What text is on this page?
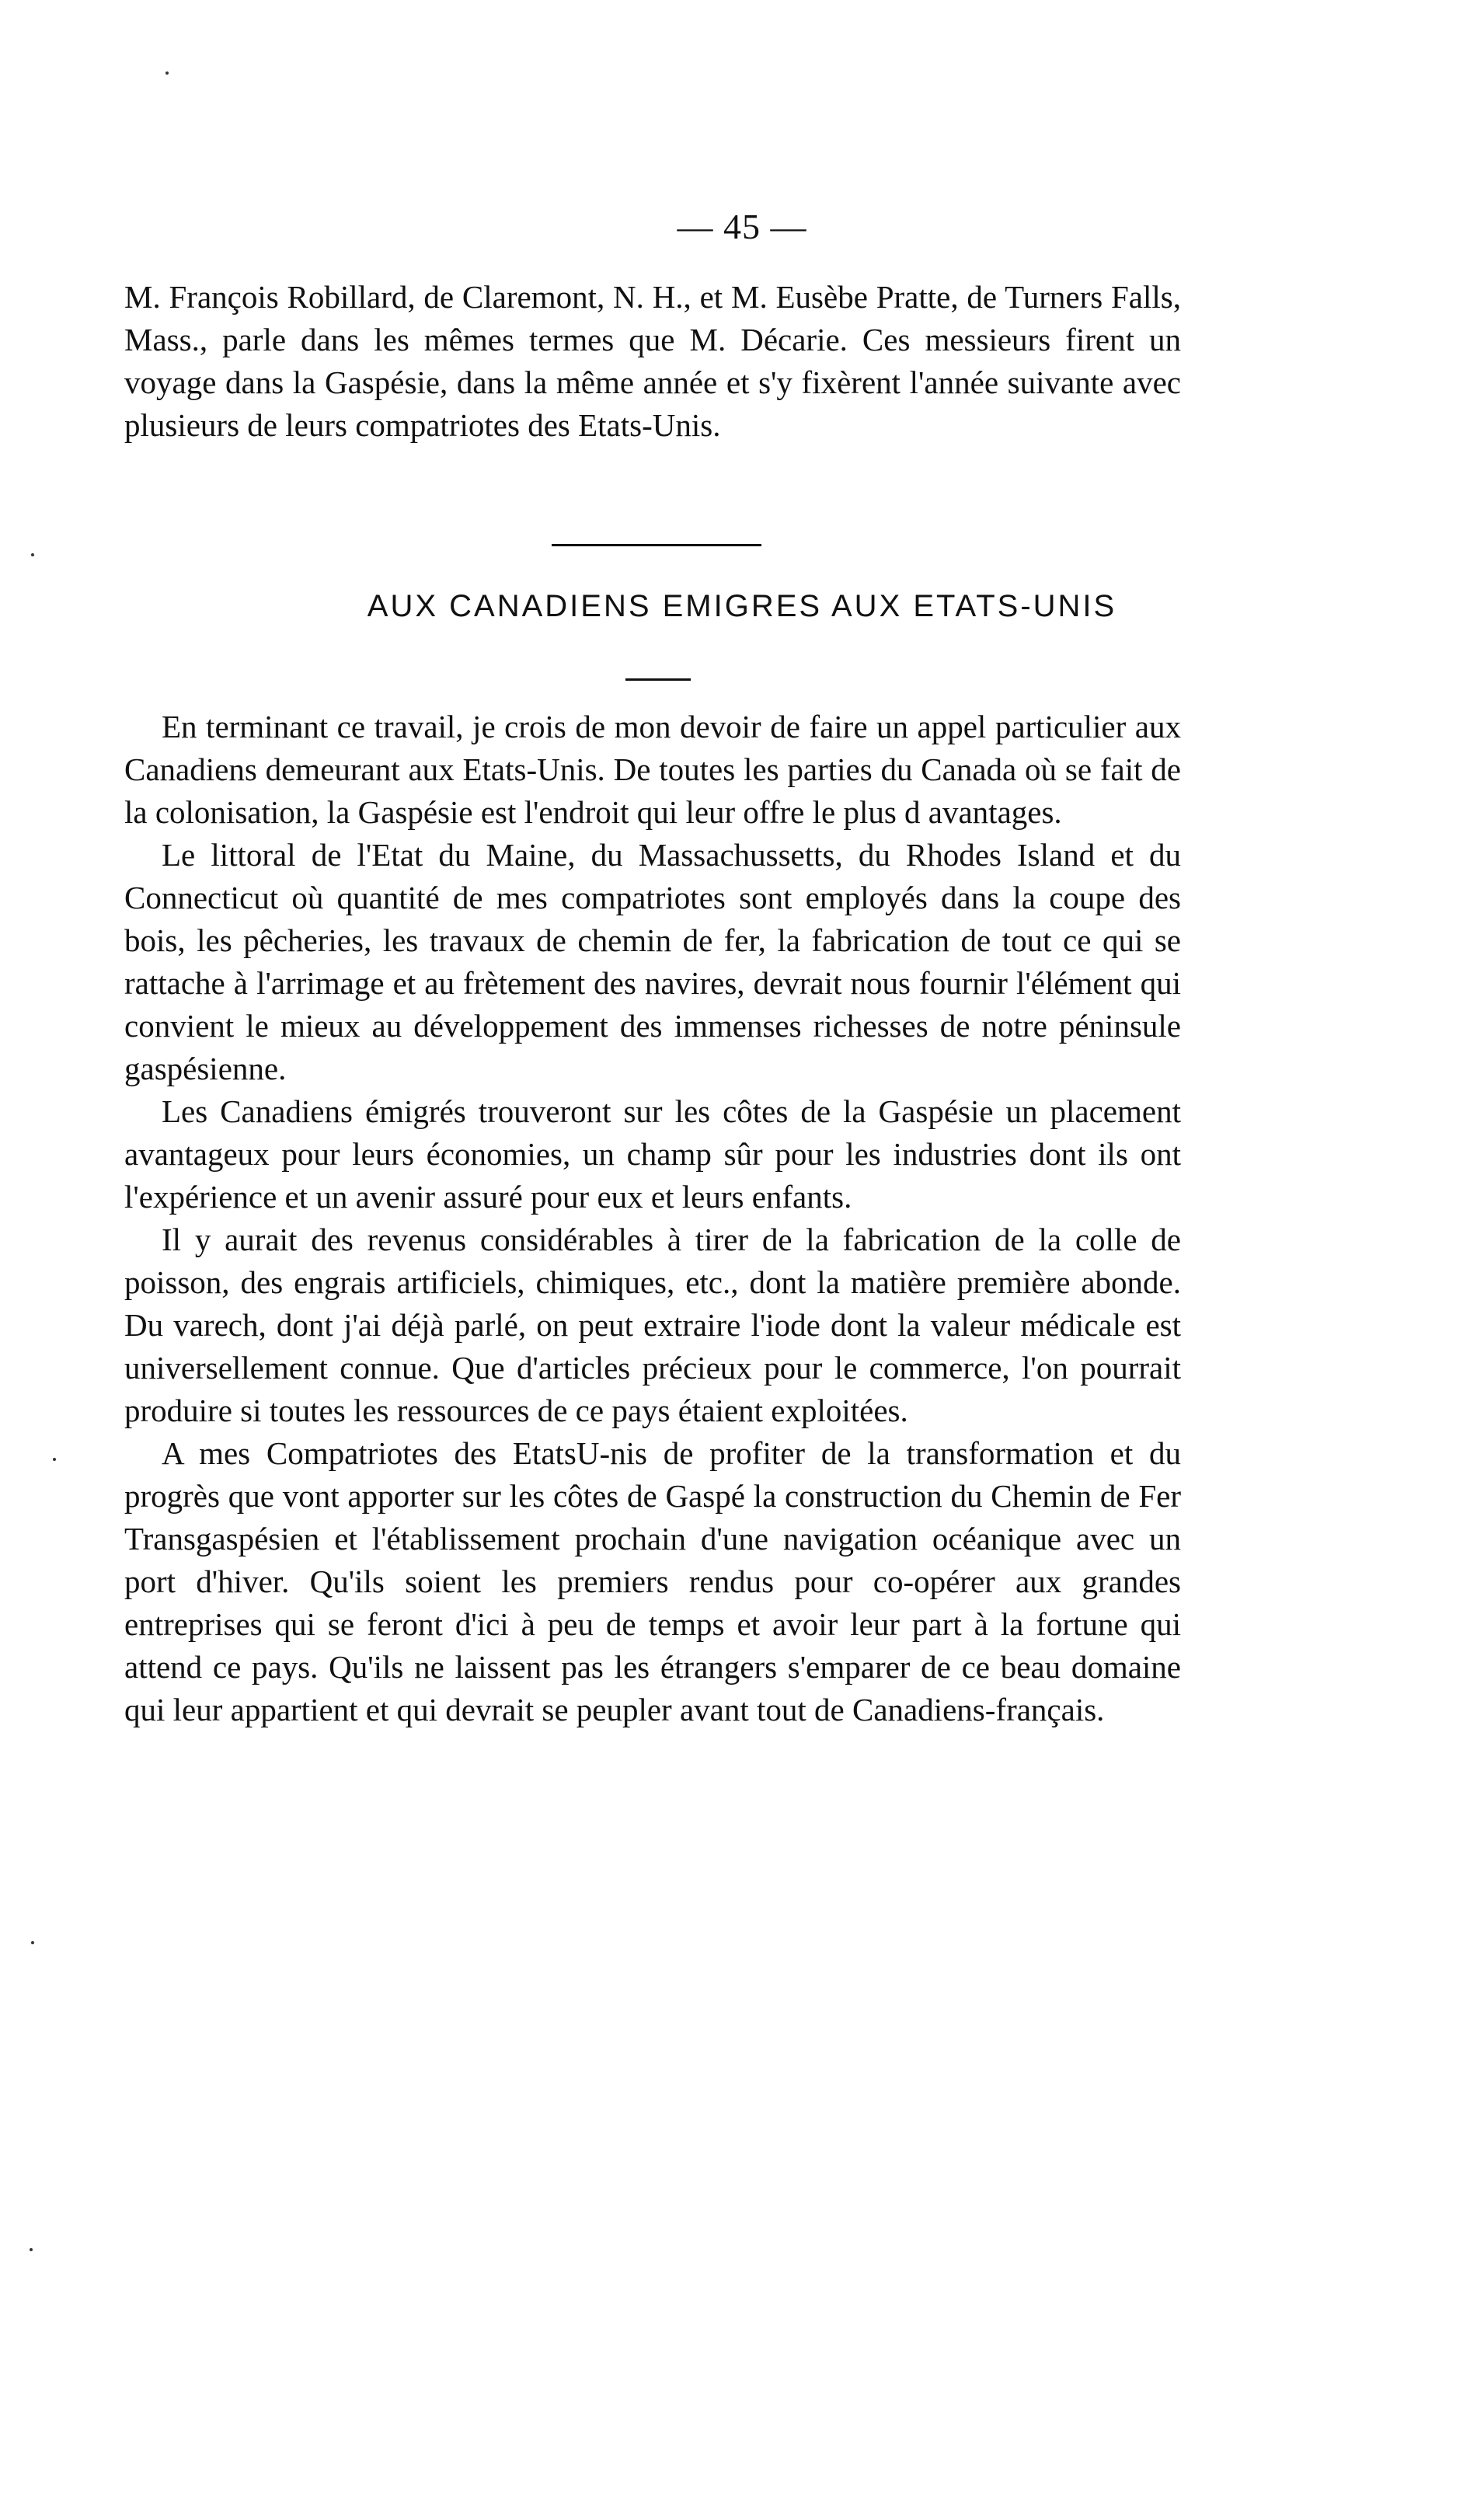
— 45 —

M. François Robillard, de Claremont, N. H., et M. Eusèbe Pratte, de Turners Falls, Mass., parle dans les mêmes termes que M. Décarie. Ces messieurs firent un voyage dans la Gaspésie, dans la même année et s'y fixèrent l'année suivante avec plusieurs de leurs compatriotes des Etats-Unis.

AUX CANADIENS EMIGRES AUX ETATS-UNIS

En terminant ce travail, je crois de mon devoir de faire un appel particulier aux Canadiens demeurant aux Etats-Unis. De toutes les parties du Canada où se fait de la colonisation, la Gaspésie est l'endroit qui leur offre le plus d avantages.

Le littoral de l'Etat du Maine, du Massachussetts, du Rhodes Island et du Connecticut où quantité de mes compatriotes sont employés dans la coupe des bois, les pêcheries, les travaux de chemin de fer, la fabrication de tout ce qui se rattache à l'arrimage et au frètement des navires, devrait nous fournir l'élément qui convient le mieux au développement des immenses richesses de notre péninsule gaspésienne.

Les Canadiens émigrés trouveront sur les côtes de la Gaspésie un placement avantageux pour leurs économies, un champ sûr pour les industries dont ils ont l'expérience et un avenir assuré pour eux et leurs enfants.

Il y aurait des revenus considérables à tirer de la fabrication de la colle de poisson, des engrais artificiels, chimiques, etc., dont la matière première abonde. Du varech, dont j'ai déjà parlé, on peut extraire l'iode dont la valeur médicale est universellement connue. Que d'articles précieux pour le commerce, l'on pourrait produire si toutes les ressources de ce pays étaient exploitées.

A mes Compatriotes des EtatsU-nis de profiter de la transformation et du progrès que vont apporter sur les côtes de Gaspé la construction du Chemin de Fer Transgaspésien et l'établissement prochain d'une navigation océanique avec un port d'hiver. Qu'ils soient les premiers rendus pour co-opérer aux grandes entreprises qui se feront d'ici à peu de temps et avoir leur part à la fortune qui attend ce pays. Qu'ils ne laissent pas les étrangers s'emparer de ce beau domaine qui leur appartient et qui devrait se peupler avant tout de Canadiens-français.
